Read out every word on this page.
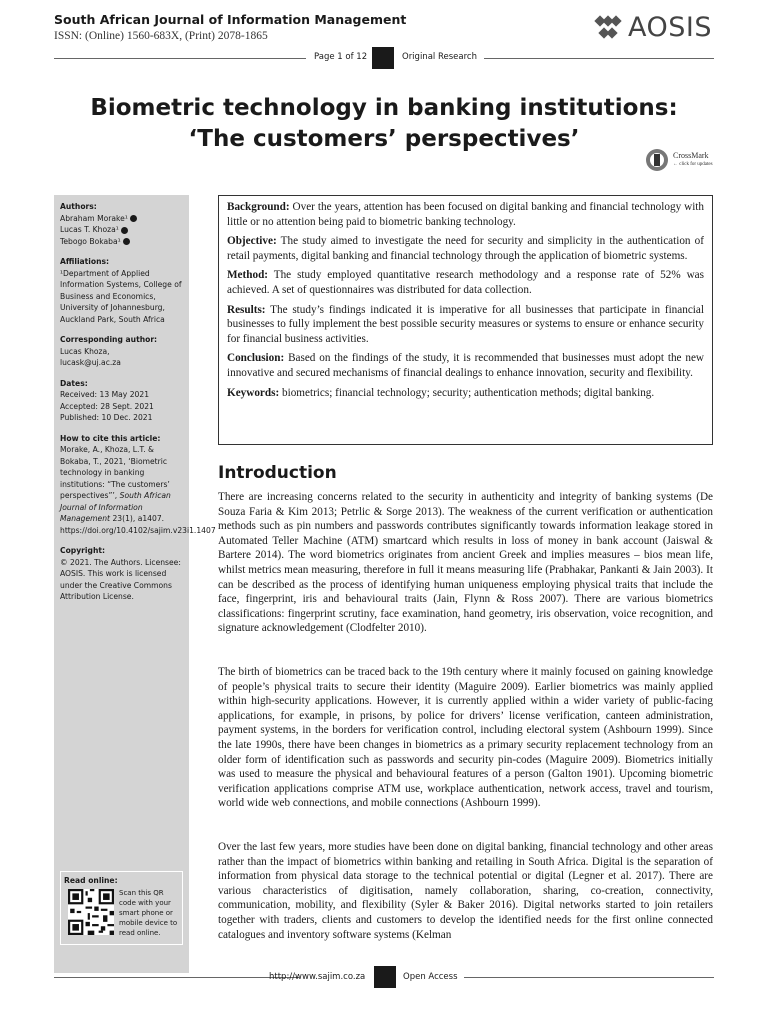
South African Journal of Information Management
ISSN: (Online) 1560-683X, (Print) 2078-1865	AOSIS
Page 1 of 12	Original Research
Biometric technology in banking institutions:
‘The customers’ perspectives’
CrossMark
← click for updates
Authors:
Abraham Morake¹
Lucas T. Khoza¹
Tebogo Bokaba¹
Affiliations:
¹Department of Applied Information Systems, College of Business and Economics, University of Johannesburg, Auckland Park, South Africa
Corresponding author:
Lucas Khoza,
lucask@uj.ac.za
Dates:
Received: 13 May 2021
Accepted: 28 Sept. 2021
Published: 10 Dec. 2021
How to cite this article:
Morake, A., Khoza, L.T. & Bokaba, T., 2021, ‘Biometric technology in banking institutions: “The customers’ perspectives”’, South African Journal of Information Management 23(1), a1407. https://doi.org/10.4102/sajim.v23i1.1407
Copyright:
© 2021. The Authors. Licensee: AOSIS. This work is licensed under the Creative Commons Attribution License.
Read online:
Scan this QR code with your smart phone or mobile device to read online.

Background: Over the years, attention has been focused on digital banking and financial technology with little or no attention being paid to biometric banking technology.

Objective: The study aimed to investigate the need for security and simplicity in the authentication of retail payments, digital banking and financial technology through the application of biometric systems.

Method: The study employed quantitative research methodology and a response rate of 52% was achieved. A set of questionnaires was distributed for data collection.

Results: The study’s findings indicated it is imperative for all businesses that participate in financial businesses to fully implement the best possible security measures or systems to ensure or enhance security for financial business activities.

Conclusion: Based on the findings of the study, it is recommended that businesses must adopt the new innovative and secured mechanisms of financial dealings to enhance innovation, security and flexibility.

Keywords: biometrics; financial technology; security; authentication methods; digital banking.

Introduction
There are increasing concerns related to the security in authenticity and integrity of banking systems (De Souza Faria & Kim 2013; Petrlic & Sorge 2013). The weakness of the current verification or authentication methods such as pin numbers and passwords contributes significantly towards information leakage stored in Automated Teller Machine (ATM) smartcard which results in loss of money in bank account (Jaiswal & Bartere 2014). The word biometrics originates from ancient Greek and implies measures – bios mean life, whilst metrics mean measuring, therefore in full it means measuring life (Prabhakar, Pankanti & Jain 2003). It can be described as the process of identifying human uniqueness employing physical traits that include the face, fingerprint, iris and behavioural traits (Jain, Flynn & Ross 2007). There are various biometrics classifications: fingerprint scrutiny, face examination, hand geometry, iris observation, voice recognition, and signature acknowledgement (Clodfelter 2010).
The birth of biometrics can be traced back to the 19th century where it mainly focused on gaining knowledge of people’s physical traits to secure their identity (Maguire 2009). Earlier biometrics was mainly applied within high-security applications. However, it is currently applied within a wider variety of public-facing applications, for example, in prisons, by police for drivers’ license verification, canteen administration, payment systems, in the borders for verification control, including electoral system (Ashbourn 1999). Since the late 1990s, there have been changes in biometrics as a primary security replacement technology from an older form of identification such as passwords and security pin-codes (Maguire 2009). Biometrics initially was used to measure the physical and behavioural features of a person (Galton 1901). Upcoming biometric verification applications comprise ATM use, workplace authentication, network access, travel and tourism, world wide web connections, and mobile connections (Ashbourn 1999).
Over the last few years, more studies have been done on digital banking, financial technology and other areas rather than the impact of biometrics within banking and retailing in South Africa. Digital is the separation of information from physical data storage to the technical potential or digital (Legner et al. 2017). There are various characteristics of digitisation, namely collaboration, sharing, co-creation, connectivity, communication, mobility, and flexibility (Syler & Baker 2016). Digital networks started to join retailers together with traders, clients and customers to develop the identified needs for the first online connected catalogues and inventory software systems (Kelman
http://www.sajim.co.za	Open Access
